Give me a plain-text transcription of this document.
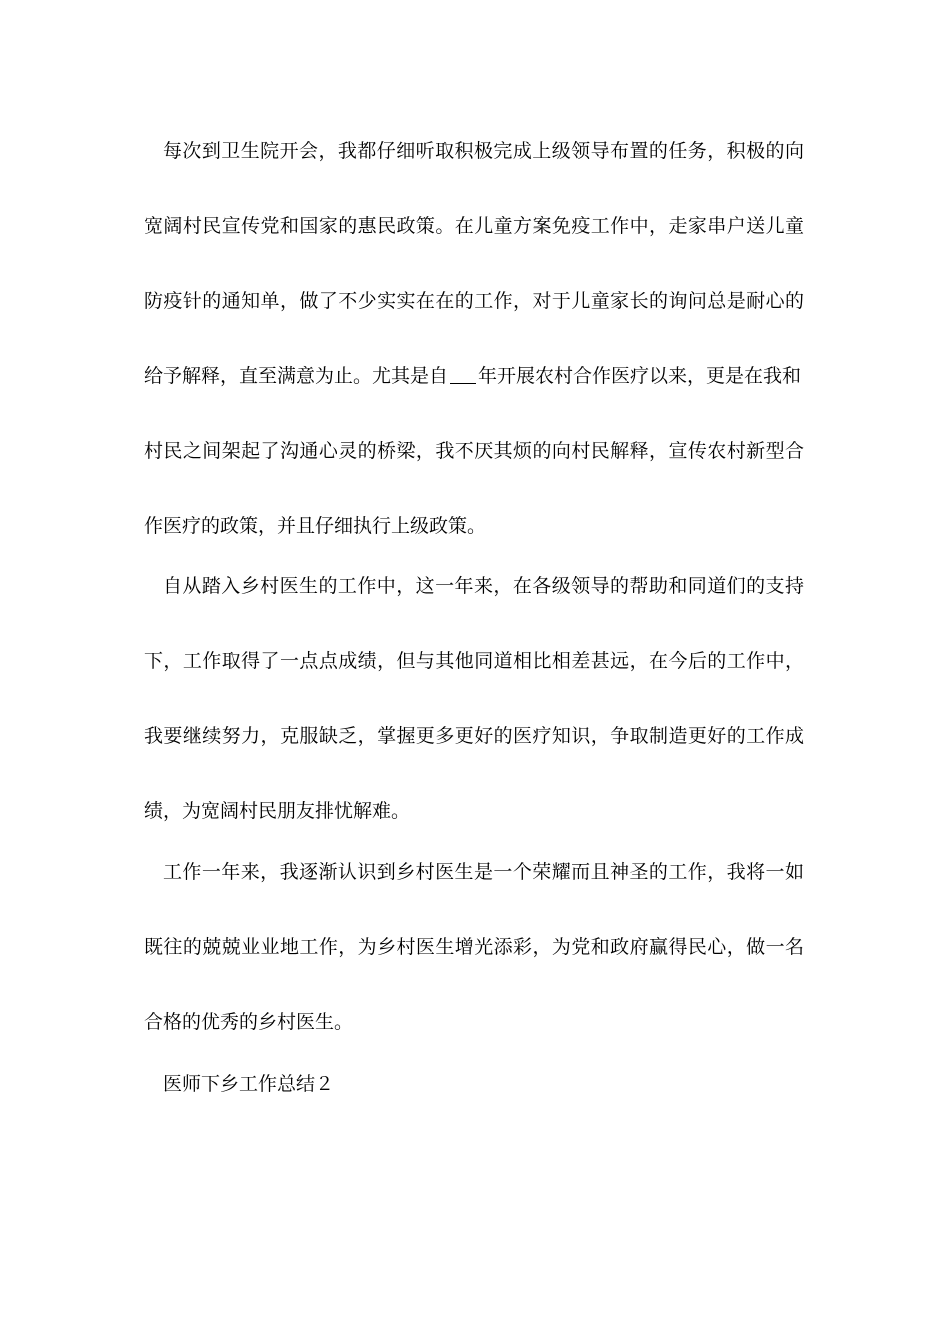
每次到卫生院开会，我都仔细听取积极完成上级领导布置的任务，积极的向
宽阔村民宣传党和国家的惠民政策。在儿童方案免疫工作中，走家串户送儿童
防疫针的通知单，做了不少实实在在的工作，对于儿童家长的询问总是耐心的
给予解释，直至满意为止。尤其是自 年开展农村合作医疗以来，更是在我和
村民之间架起了沟通心灵的桥梁，我不厌其烦的向村民解释，宣传农村新型合
作医疗的政策，并且仔细执行上级政策。
自从踏入乡村医生的工作中，这一年来，在各级领导的帮助和同道们的支持
下，工作取得了一点点成绩，但与其他同道相比相差甚远，在今后的工作中，
我要继续努力，克服缺乏，掌握更多更好的医疗知识，争取制造更好的工作成
绩，为宽阔村民朋友排忧解难。
工作一年来，我逐渐认识到乡村医生是一个荣耀而且神圣的工作，我将一如
既往的兢兢业业地工作，为乡村医生增光添彩，为党和政府赢得民心，做一名
合格的优秀的乡村医生。
医师下乡工作总结２
